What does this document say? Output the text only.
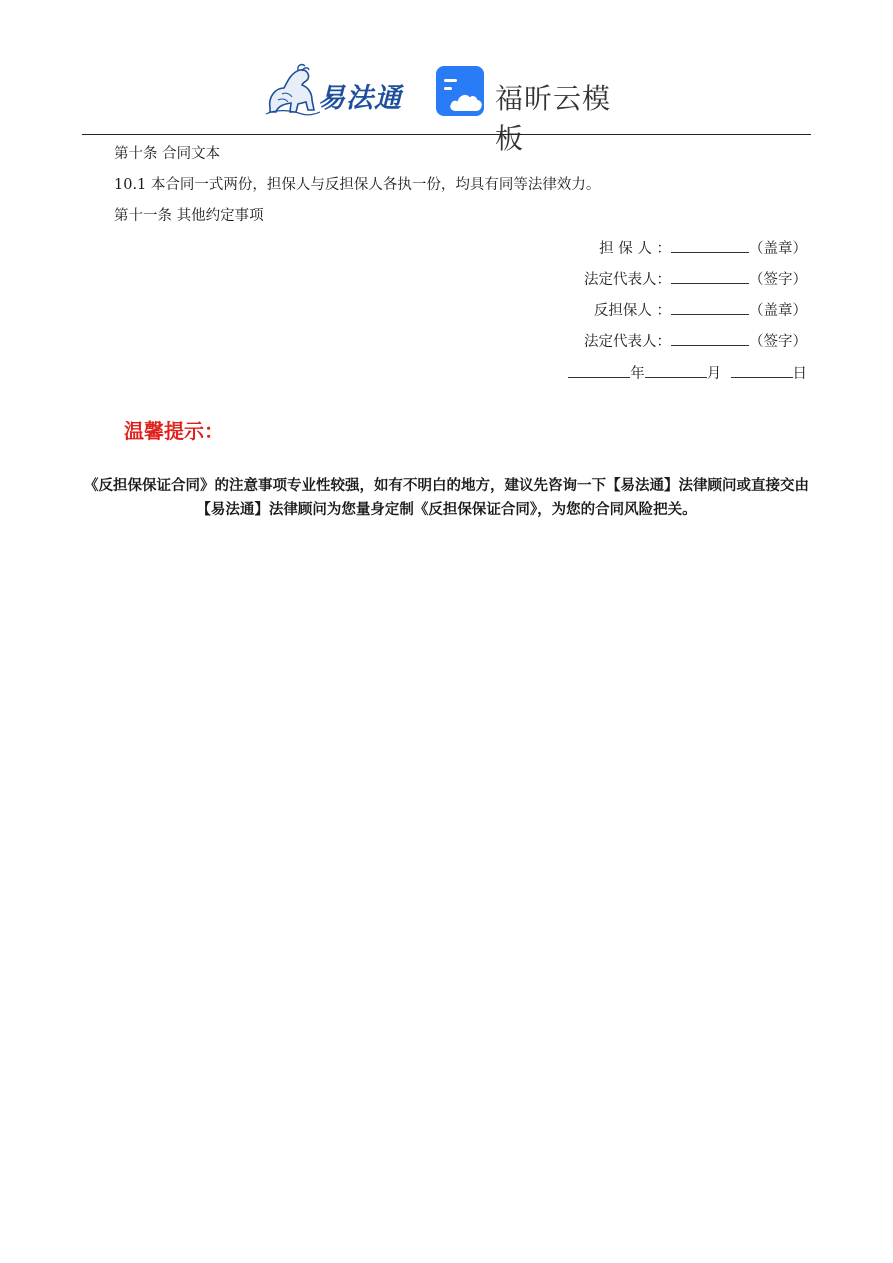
易法通	福昕云模板
第十条 合同文本
10.1 本合同一式两份，担保人与反担保人各执一份，均具有同等法律效力。
第十一条 其他约定事项
担 保 人 ：	（盖章）
法定代表人：	（签字）
反担保人 ：	（盖章）
法定代表人：	（签字）
年	月	日
温馨提示：
《反担保保证合同》的注意事项专业性较强，如有不明白的地方，建议先咨询一下【易法通】法律顾问或直接交由【易法通】法律顾问为您量身定制《反担保保证合同》，为您的合同风险把关。
